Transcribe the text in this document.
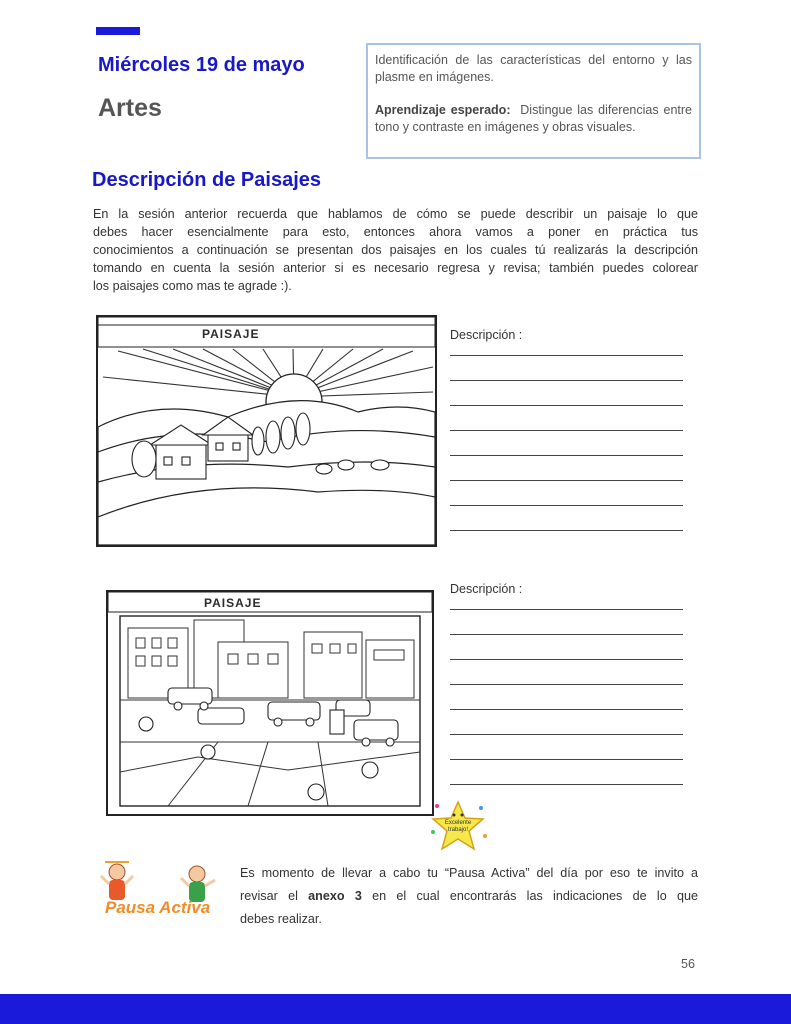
Miércoles 19 de mayo
Artes

Identificación de las características del entorno y las plasme en imágenes.

Aprendizaje esperado: Distingue las diferencias entre tono y contraste en imágenes y obras visuales.

Descripción de Paisajes
En la sesión anterior recuerda que hablamos de cómo se puede describir un paisaje lo que
debes hacer esencialmente para esto, entonces ahora vamos a poner en práctica tus
conocimientos a continuación se presentan dos paisajes en los cuales tú realizarás la descripción
tomando en cuenta la sesión anterior si es necesario regresa y revisa; también puedes colorear
los paisajes como mas te agrade :).
PAISAJE	Descripción :
PAISAJE
Descripción :
Excelente
trabajo!
Pausa Activa
Es momento de llevar a cabo tu “Pausa Activa” del día por eso te invito a
revisar el anexo 3 en el cual encontrarás las indicaciones de lo que
debes realizar.
56
